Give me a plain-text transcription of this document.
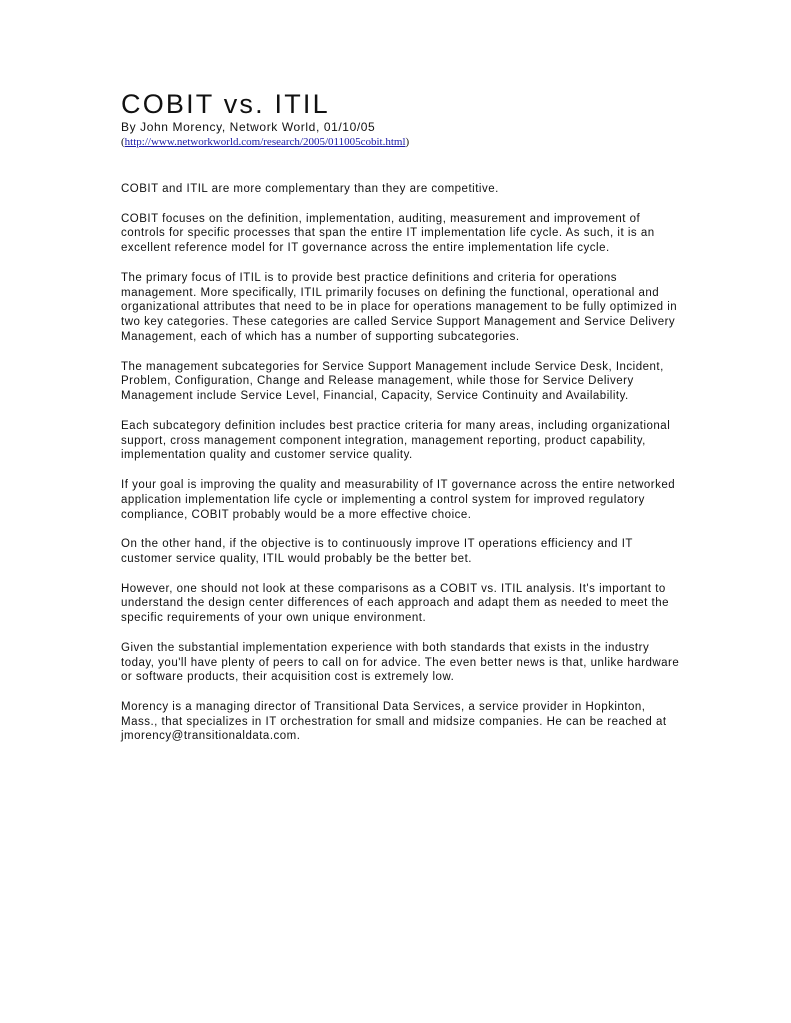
COBIT vs. ITIL
By John Morency, Network World, 01/10/05
(http://www.networkworld.com/research/2005/011005cobit.html)

COBIT and ITIL are more complementary than they are competitive.

COBIT focuses on the definition, implementation, auditing, measurement and improvement of controls for specific processes that span the entire IT implementation life cycle. As such, it is an excellent reference model for IT governance across the entire implementation life cycle.

The primary focus of ITIL is to provide best practice definitions and criteria for operations management. More specifically, ITIL primarily focuses on defining the functional, operational and organizational attributes that need to be in place for operations management to be fully optimized in two key categories. These categories are called Service Support Management and Service Delivery Management, each of which has a number of supporting subcategories.

The management subcategories for Service Support Management include Service Desk, Incident, Problem, Configuration, Change and Release management, while those for Service Delivery Management include Service Level, Financial, Capacity, Service Continuity and Availability.

Each subcategory definition includes best practice criteria for many areas, including organizational support, cross management component integration, management reporting, product capability, implementation quality and customer service quality.

If your goal is improving the quality and measurability of IT governance across the entire networked application implementation life cycle or implementing a control system for improved regulatory compliance, COBIT probably would be a more effective choice.

On the other hand, if the objective is to continuously improve IT operations efficiency and IT customer service quality, ITIL would probably be the better bet.

However, one should not look at these comparisons as a COBIT vs. ITIL analysis. It's important to understand the design center differences of each approach and adapt them as needed to meet the specific requirements of your own unique environment.

Given the substantial implementation experience with both standards that exists in the industry today, you'll have plenty of peers to call on for advice. The even better news is that, unlike hardware or software products, their acquisition cost is extremely low.

Morency is a managing director of Transitional Data Services, a service provider in Hopkinton, Mass., that specializes in IT orchestration for small and midsize companies. He can be reached at jmorency@transitionaldata.com.
